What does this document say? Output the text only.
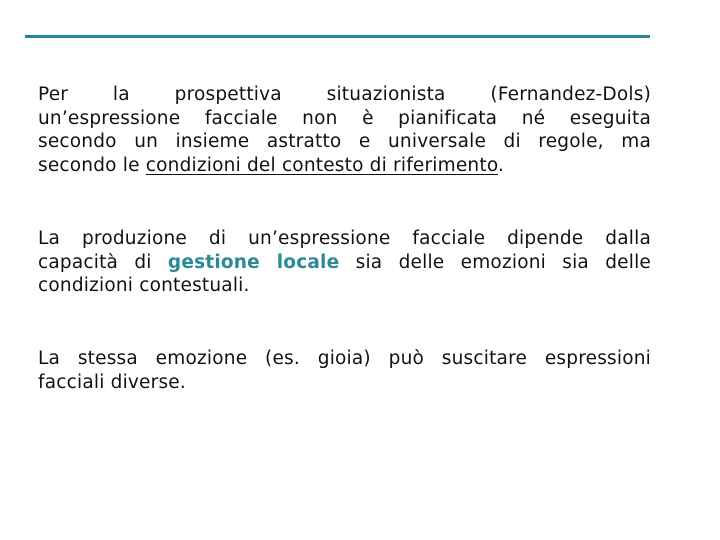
Per la prospettiva situazionista (Fernandez-Dols)
un’espressione facciale non è pianificata né eseguita
secondo un insieme astratto e universale di regole, ma
secondo le condizioni del contesto di riferimento.
La produzione di un’espressione facciale dipende dalla
capacità di gestione locale sia delle emozioni sia delle
condizioni contestuali.
La stessa emozione (es. gioia) può suscitare espressioni
facciali diverse.
